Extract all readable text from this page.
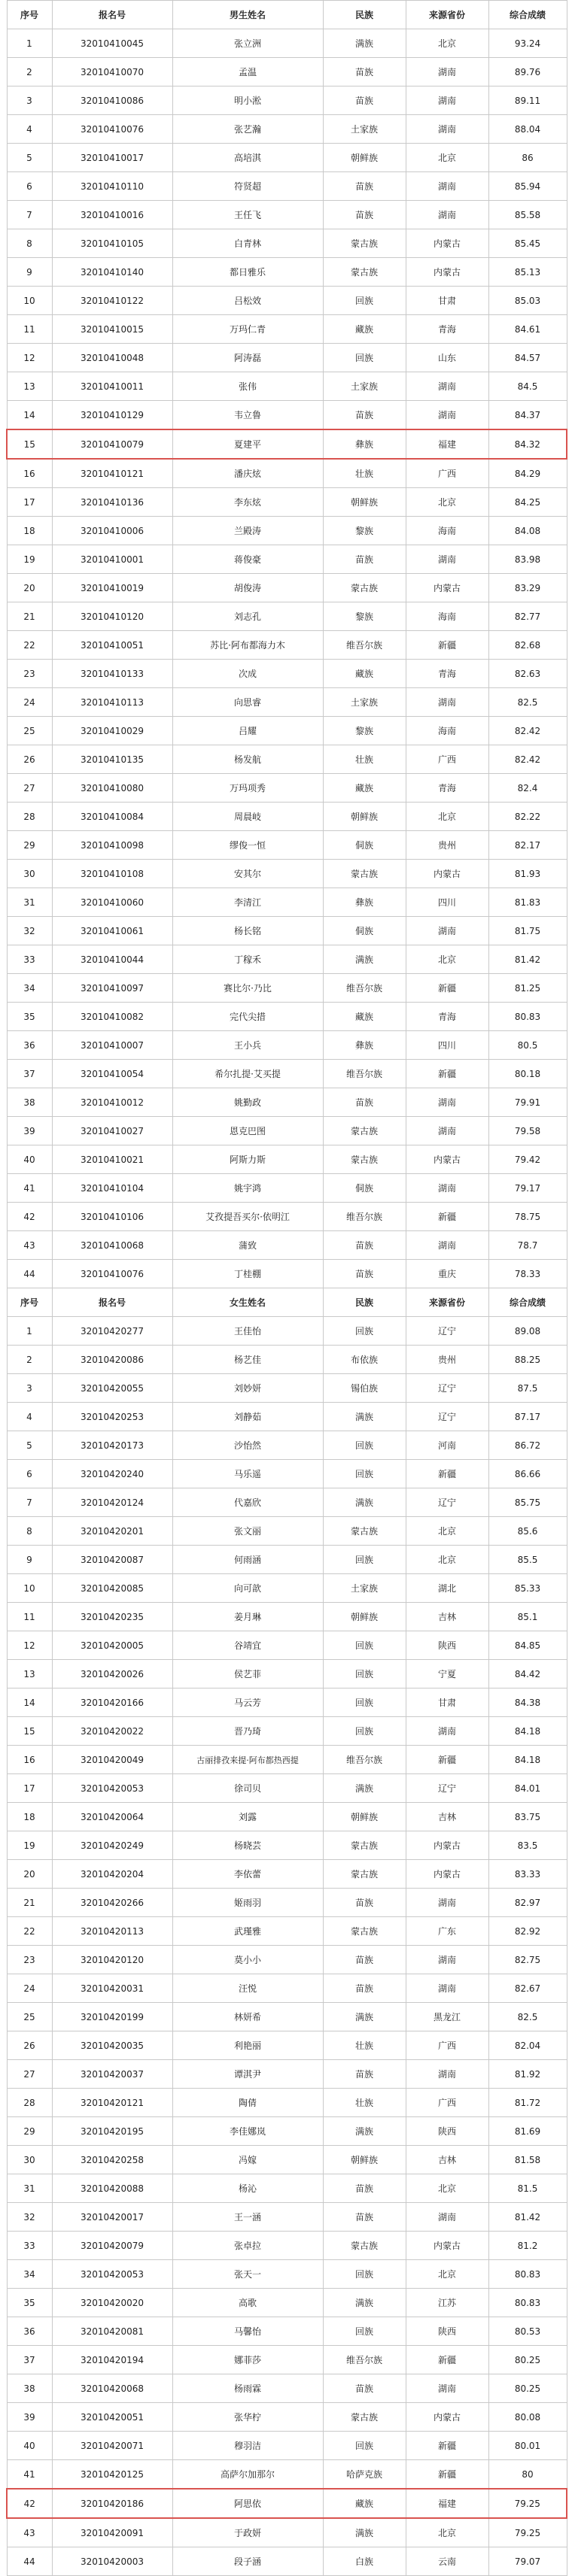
序号	报名号	男生姓名	民族	来源省份	综合成绩
1	32010410045	张立洲	满族	北京	93.24
2	32010410070	孟温	苗族	湖南	89.76
3	32010410086	明小淞	苗族	湖南	89.11
4	32010410076	张艺瀚	土家族	湖南	88.04
5	32010410017	高培淇	朝鲜族	北京	86
6	32010410110	符贤超	苗族	湖南	85.94
7	32010410016	王任飞	苗族	湖南	85.58
8	32010410105	白青林	蒙古族	内蒙古	85.45
9	32010410140	都日雅乐	蒙古族	内蒙古	85.13
10	32010410122	吕松效	回族	甘肃	85.03
11	32010410015	万玛仁青	藏族	青海	84.61
12	32010410048	阿涛磊	回族	山东	84.57
13	32010410011	张伟	土家族	湖南	84.5
14	32010410129	韦立鲁	苗族	湖南	84.37
15	32010410079	夏建平	彝族	福建	84.32
16	32010410121	潘庆炫	壮族	广西	84.29
17	32010410136	李东炫	朝鲜族	北京	84.25
18	32010410006	兰殿涛	黎族	海南	84.08
19	32010410001	蒋俊豪	苗族	湖南	83.98
20	32010410019	胡俊涛	蒙古族	内蒙古	83.29
21	32010410120	刘志孔	黎族	海南	82.77
22	32010410051	苏比·阿布都海力木	维吾尔族	新疆	82.68
23	32010410133	次成	藏族	青海	82.63
24	32010410113	向思睿	土家族	湖南	82.5
25	32010410029	吕耀	黎族	海南	82.42
26	32010410135	杨发航	壮族	广西	82.42
27	32010410080	万玛项秀	藏族	青海	82.4
28	32010410084	周晨岐	朝鲜族	北京	82.22
29	32010410098	缪俊一恒	侗族	贵州	82.17
30	32010410108	安其尔	蒙古族	内蒙古	81.93
31	32010410060	李清江	彝族	四川	81.83
32	32010410061	杨长铭	侗族	湖南	81.75
33	32010410044	丁稼禾	满族	北京	81.42
34	32010410097	赛比尔·乃比	维吾尔族	新疆	81.25
35	32010410082	完代尖措	藏族	青海	80.83
36	32010410007	王小兵	彝族	四川	80.5
37	32010410054	希尔扎提·艾买提	维吾尔族	新疆	80.18
38	32010410012	姚勤政	苗族	湖南	79.91
39	32010410027	恩克巴图	蒙古族	湖南	79.58
40	32010410021	阿斯力斯	蒙古族	内蒙古	79.42
41	32010410104	姚宇鸿	侗族	湖南	79.17
42	32010410106	艾孜提吾买尔·依明江	维吾尔族	新疆	78.75
43	32010410068	蒲致	苗族	湖南	78.7
44	32010410076	丁桂棚	苗族	重庆	78.33
序号	报名号	女生姓名	民族	来源省份	综合成绩
1	32010420277	王佳怡	回族	辽宁	89.08
2	32010420086	杨艺佳	布依族	贵州	88.25
3	32010420055	刘妙妍	锡伯族	辽宁	87.5
4	32010420253	刘静茹	满族	辽宁	87.17
5	32010420173	沙怡然	回族	河南	86.72
6	32010420240	马乐遥	回族	新疆	86.66
7	32010420124	代嘉欣	满族	辽宁	85.75
8	32010420201	张文丽	蒙古族	北京	85.6
9	32010420087	何雨涵	回族	北京	85.5
10	32010420085	向可歆	土家族	湖北	85.33
11	32010420235	姜月琳	朝鲜族	吉林	85.1
12	32010420005	谷靖宜	回族	陕西	84.85
13	32010420026	侯艺菲	回族	宁夏	84.42
14	32010420166	马云芳	回族	甘肃	84.38
15	32010420022	晋乃琦	回族	湖南	84.18
16	32010420049	古丽排孜来提·阿布都热西提	维吾尔族	新疆	84.18
17	32010420053	徐司贝	满族	辽宁	84.01
18	32010420064	刘露	朝鲜族	吉林	83.75
19	32010420249	杨晓芸	蒙古族	内蒙古	83.5
20	32010420204	李依蕾	蒙古族	内蒙古	83.33
21	32010420266	姬雨羽	苗族	湖南	82.97
22	32010420113	武瑾雅	蒙古族	广东	82.92
23	32010420120	莫小小	苗族	湖南	82.75
24	32010420031	汪悦	苗族	湖南	82.67
25	32010420199	林妍希	满族	黑龙江	82.5
26	32010420035	利艳丽	壮族	广西	82.04
27	32010420037	谭淇尹	苗族	湖南	81.92
28	32010420121	陶倩	壮族	广西	81.72
29	32010420195	李佳娜岚	满族	陕西	81.69
30	32010420258	冯嫁	朝鲜族	吉林	81.58
31	32010420088	杨沁	苗族	北京	81.5
32	32010420017	王一涵	苗族	湖南	81.42
33	32010420079	张卓拉	蒙古族	内蒙古	81.2
34	32010420053	张天一	回族	北京	80.83
35	32010420020	高歌	满族	江苏	80.83
36	32010420081	马馨怡	回族	陕西	80.53
37	32010420194	娜菲莎	维吾尔族	新疆	80.25
38	32010420068	杨雨霖	苗族	湖南	80.25
39	32010420051	张华柠	蒙古族	内蒙古	80.08
40	32010420071	穆羽洁	回族	新疆	80.01
41	32010420125	高萨尔加那尔	哈萨克族	新疆	80
42	32010420186	阿思依	藏族	福建	79.25
43	32010420091	于政妍	满族	北京	79.25
44	32010420003	段子涵	白族	云南	79.07
